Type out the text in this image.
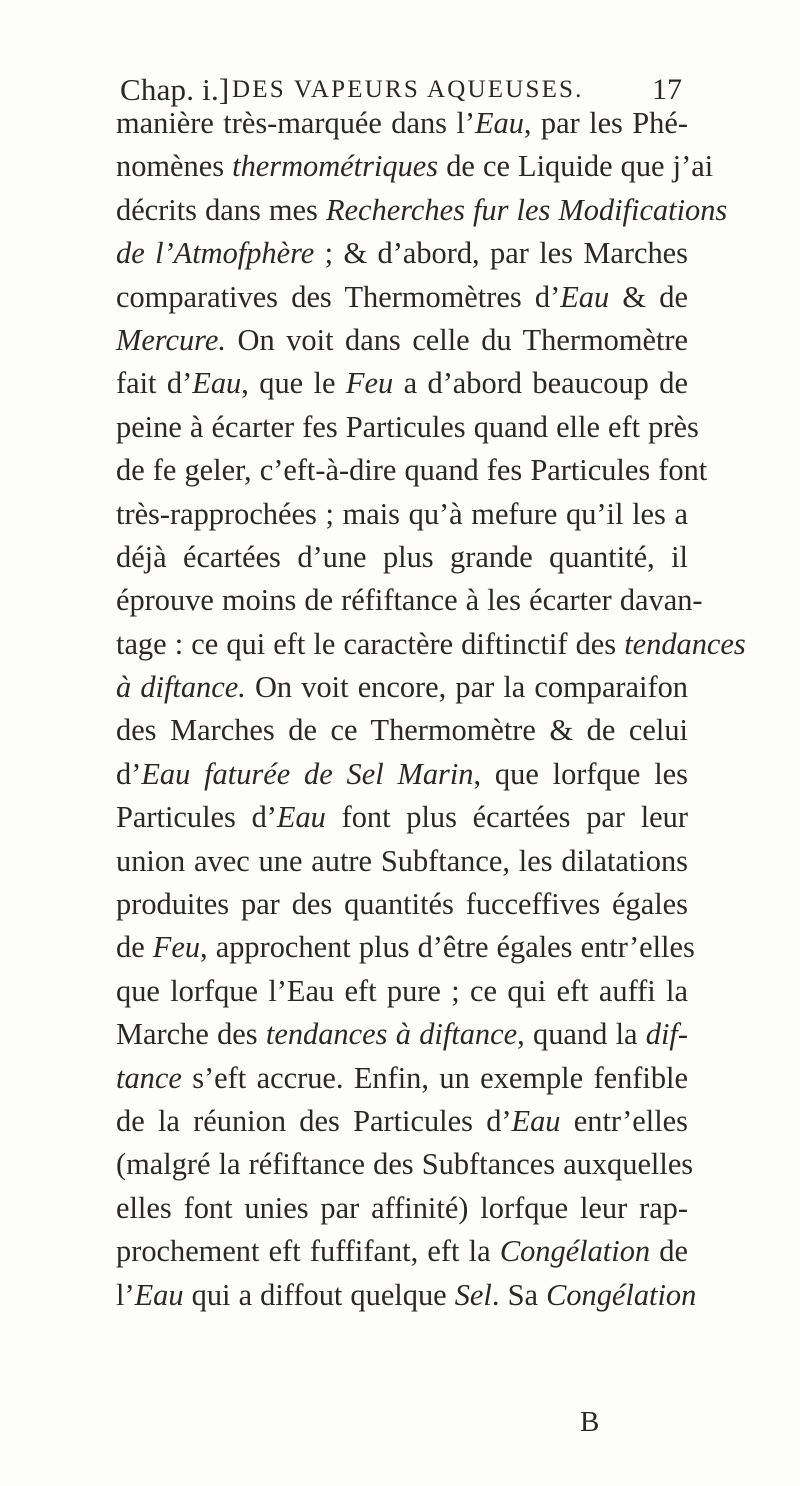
Chap. i.] DES VAPEURS AQUEUSES. 17
manière très-marquée dans l’Eau, par les Phé-
nomènes thermométriques de ce Liquide que j’ai
décrits dans mes Recherches fur les Modifications
de l’Atmofphère ; & d’abord, par les Marches
comparatives des Thermomètres d’Eau & de
Mercure. On voit dans celle du Thermomètre
fait d’Eau, que le Feu a d’abord beaucoup de
peine à écarter fes Particules quand elle eft près
de fe geler, c’eft-à-dire quand fes Particules font
très-rapprochées ; mais qu’à mefure qu’il les a
déjà écartées d’une plus grande quantité, il
éprouve moins de réfiftance à les écarter davan-
tage : ce qui eft le caractère diftinctif des tendances
à diftance. On voit encore, par la comparaifon
des Marches de ce Thermomètre & de celui
d’Eau faturée de Sel Marin, que lorfque les
Particules d’Eau font plus écartées par leur
union avec une autre Subftance, les dilatations
produites par des quantités fucceffives égales
de Feu, approchent plus d’être égales entr’elles
que lorfque l’Eau eft pure ; ce qui eft auffi la
Marche des tendances à diftance, quand la dif-
tance s’eft accrue. Enfin, un exemple fenfible
de la réunion des Particules d’Eau entr’elles
(malgré la réfiftance des Subftances auxquelles
elles font unies par affinité) lorfque leur rap-
prochement eft fuffifant, eft la Congélation de
l’Eau qui a diffout quelque Sel. Sa Congélation
B
